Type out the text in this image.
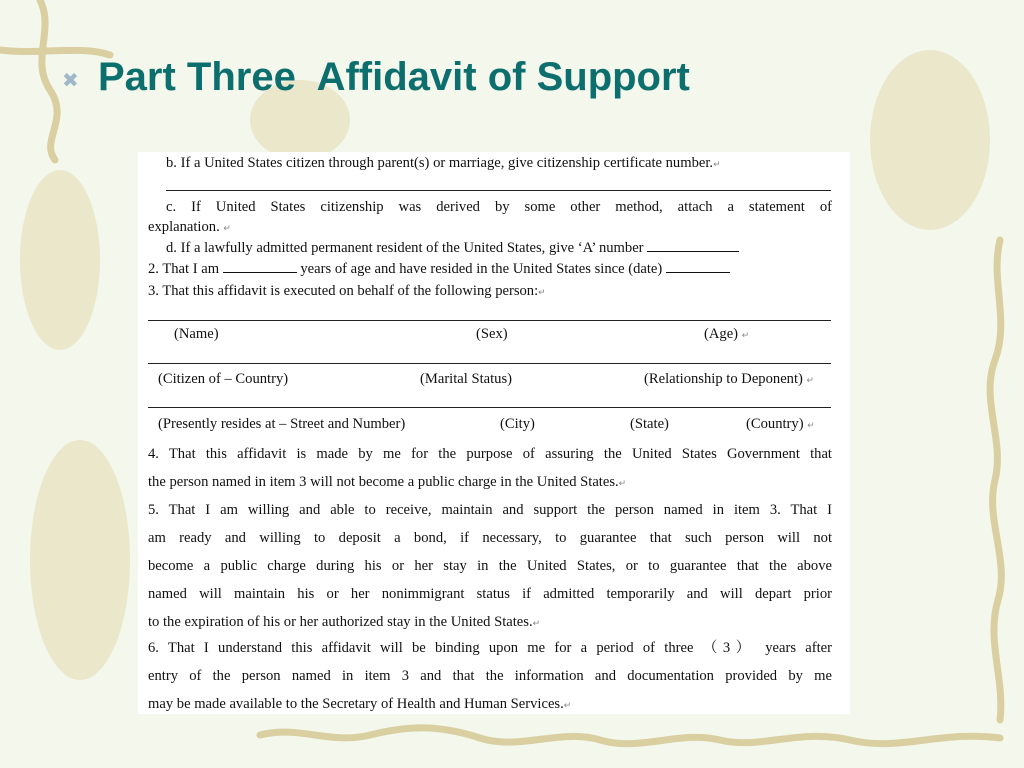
✖ Part Three  Affidavit of Support
b. If a United States citizen through parent(s) or marriage, give citizenship certificate number.↵
c. If United States citizenship was derived by some other method, attach a statement of
explanation. ↵
d. If a lawfully admitted permanent resident of the United States, give ‘A’ number
2. That I am	years of age and have resided in the United States since (date)
3. That this affidavit is executed on behalf of the following person:↵
(Name)	(Sex)	(Age) ↵
(Citizen of – Country)	(Marital Status)	(Relationship to Deponent) ↵
(Presently resides at – Street and Number)	(City)	(State)	(Country) ↵
4. That this affidavit is made by me for the purpose of assuring the United States Government that
the person named in item 3 will not become a public charge in the United States.↵
5. That I am willing and able to receive, maintain and support the person named in item 3. That I
am ready and willing to deposit a bond, if necessary, to guarantee that such person will not
become a public charge during his or her stay in the United States, or to guarantee that the above
named will maintain his or her nonimmigrant status if admitted temporarily and will depart prior
to the expiration of his or her authorized stay in the United States.↵
6. That I understand this affidavit will be binding upon me for a period of three （3） years after
entry of the person named in item 3 and that the information and documentation provided by me
may be made available to the Secretary of Health and Human Services.↵
